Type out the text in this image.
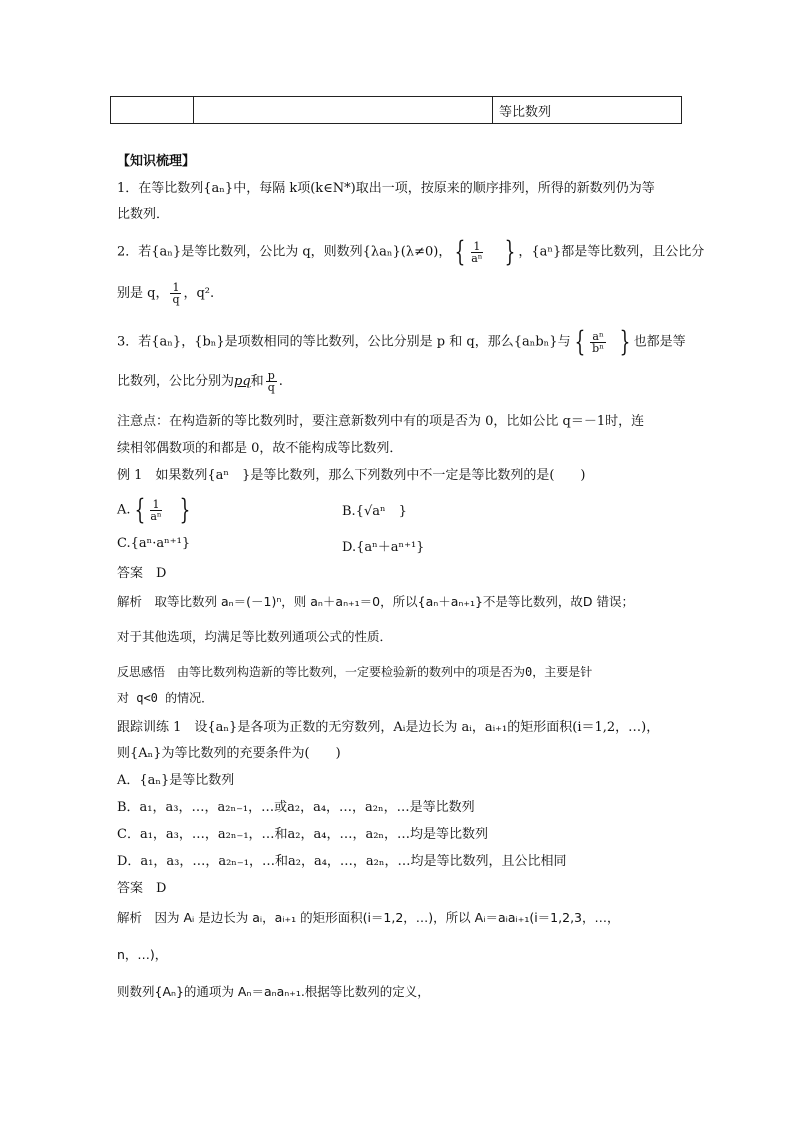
		等比数列
【知识梳理】
1．在等比数列{aₙ}中，每隔 k项(k∈N*)取出一项，按原来的顺序排列，所得的新数列仍为等
比数列．
2．若{aₙ}是等比数列，公比为 q，则数列{λaₙ}(λ≠0)， { $\frac{1}{\text{aⁿ}}$ } ，{aⁿ}都是等比数列，且公比分
别是 q， $\frac{1}{q}$ ，q².
3．若{aₙ}，{bₙ}是项数相同的等比数列，公比分别是 p 和 q，那么{aₙbₙ}与 { $\frac{\text{aⁿ}}{\text{bⁿ}}$ } 也都是等
比数列，公比分别为pq和 $\frac{p}{q}$ .
注意点：在构造新的等比数列时，要注意新数列中有的项是否为 0，比如公比 q＝－1时，连
续相邻偶数项的和都是 0，故不能构成等比数列．
例 1　如果数列{aⁿ　}是等比数列，那么下列数列中不一定是等比数列的是(　　)
A. { $\frac{1}{\text{aⁿ}}$ }	B.{√aⁿ　}
C.{aⁿ·aⁿ⁺¹}	D.{aⁿ＋aⁿ⁺¹}
答案　D
解析　取等比数列 aₙ＝(－1)ⁿ，则 aₙ＋aₙ₊₁＝0，所以{aₙ＋aₙ₊₁}不是等比数列，故D 错误；
对于其他选项，均满足等比数列通项公式的性质．
反思感悟　由等比数列构造新的等比数列，一定要检验新的数列中的项是否为0，主要是针
对 q<0 的情况．
跟踪训练 1　设{aₙ}是各项为正数的无穷数列，Aᵢ是边长为 aᵢ，aᵢ₊₁的矩形面积(i＝1,2，…)，
则{Aₙ}为等比数列的充要条件为(　　)
A．{aₙ}是等比数列
B．a₁，a₃，…，a₂ₙ₋₁，…或a₂，a₄，…，a₂ₙ，…是等比数列
C．a₁，a₃，…，a₂ₙ₋₁，…和a₂，a₄，…，a₂ₙ，…均是等比数列
D．a₁，a₃，…，a₂ₙ₋₁，…和a₂，a₄，…，a₂ₙ，…均是等比数列，且公比相同
答案　D
解析　因为 Aᵢ 是边长为 aᵢ，aᵢ₊₁ 的矩形面积(i＝1,2，…)，所以 Aᵢ＝aᵢaᵢ₊₁(i＝1,2,3，…，
n，…)，
则数列{Aₙ}的通项为 Aₙ＝aₙaₙ₊₁.根据等比数列的定义，
